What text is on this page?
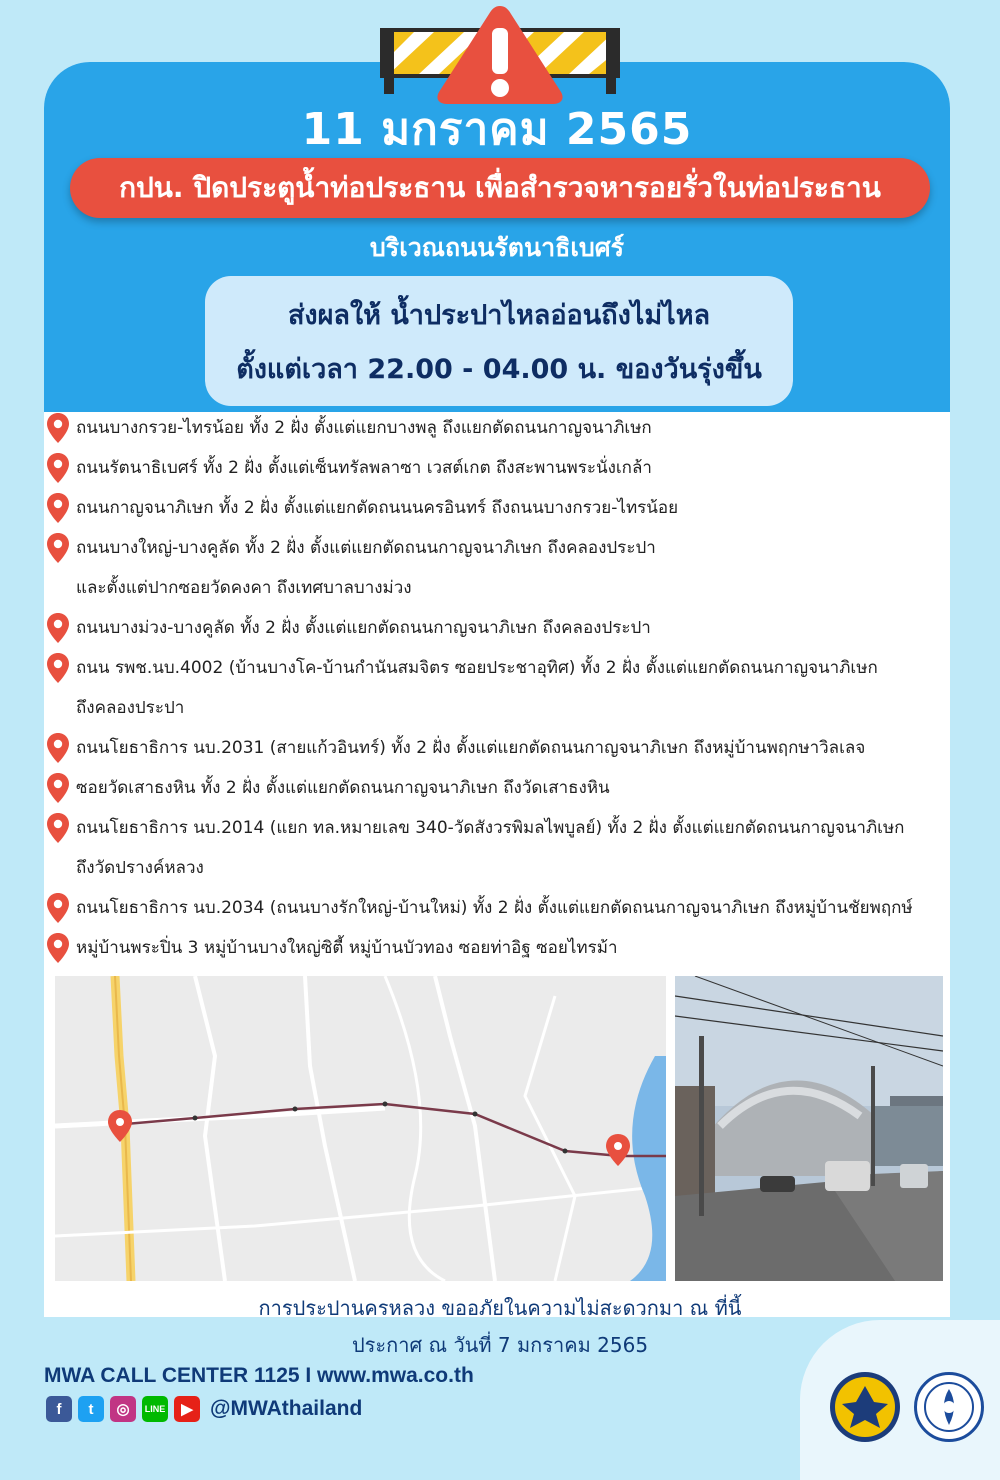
11 มกราคม 2565
กปน. ปิดประตูน้ำท่อประธาน เพื่อสำรวจหารอยรั่วในท่อประธาน
บริเวณถนนรัตนาธิเบศร์
ส่งผลให้ น้ำประปาไหลอ่อนถึงไม่ไหล
ตั้งแต่เวลา 22.00 - 04.00 น. ของวันรุ่งขึ้น
ถนนบางกรวย-ไทรน้อย ทั้ง 2 ฝั่ง ตั้งแต่แยกบางพลู ถึงแยกตัดถนนกาญจนาภิเษก
ถนนรัตนาธิเบศร์ ทั้ง 2 ฝั่ง ตั้งแต่เซ็นทรัลพลาซา เวสต์เกต ถึงสะพานพระนั่งเกล้า
ถนนกาญจนาภิเษก ทั้ง 2 ฝั่ง ตั้งแต่แยกตัดถนนนครอินทร์ ถึงถนนบางกรวย-ไทรน้อย
ถนนบางใหญ่-บางคูลัด ทั้ง 2 ฝั่ง ตั้งแต่แยกตัดถนนกาญจนาภิเษก ถึงคลองประปา
และตั้งแต่ปากซอยวัดคงคา ถึงเทศบาลบางม่วง
ถนนบางม่วง-บางคูลัด ทั้ง 2 ฝั่ง ตั้งแต่แยกตัดถนนกาญจนาภิเษก ถึงคลองประปา
ถนน รพช.นบ.4002 (บ้านบางโค-บ้านกำนันสมจิตร ซอยประชาอุทิศ) ทั้ง 2 ฝั่ง ตั้งแต่แยกตัดถนนกาญจนาภิเษก
ถึงคลองประปา
ถนนโยธาธิการ นบ.2031 (สายแก้วอินทร์) ทั้ง 2 ฝั่ง ตั้งแต่แยกตัดถนนกาญจนาภิเษก ถึงหมู่บ้านพฤกษาวิลเลจ
ซอยวัดเสาธงหิน ทั้ง 2 ฝั่ง ตั้งแต่แยกตัดถนนกาญจนาภิเษก ถึงวัดเสาธงหิน
ถนนโยธาธิการ นบ.2014 (แยก ทล.หมายเลข 340-วัดสังวรพิมลไพบูลย์) ทั้ง 2 ฝั่ง ตั้งแต่แยกตัดถนนกาญจนาภิเษก
ถึงวัดปรางค์หลวง
ถนนโยธาธิการ นบ.2034 (ถนนบางรักใหญ่-บ้านใหม่) ทั้ง 2 ฝั่ง ตั้งแต่แยกตัดถนนกาญจนาภิเษก ถึงหมู่บ้านชัยพฤกษ์
หมู่บ้านพระปิ่น 3 หมู่บ้านบางใหญ่ซิตี้ หมู่บ้านบัวทอง ซอยท่าอิฐ ซอยไทรม้า
การประปานครหลวง ขออภัยในความไม่สะดวกมา ณ ที่นี้
ประกาศ ณ วันที่ 7 มกราคม 2565
MWA CALL CENTER 1125 I www.mwa.co.th
f	t	◎	LINE	▶ @MWAthailand
